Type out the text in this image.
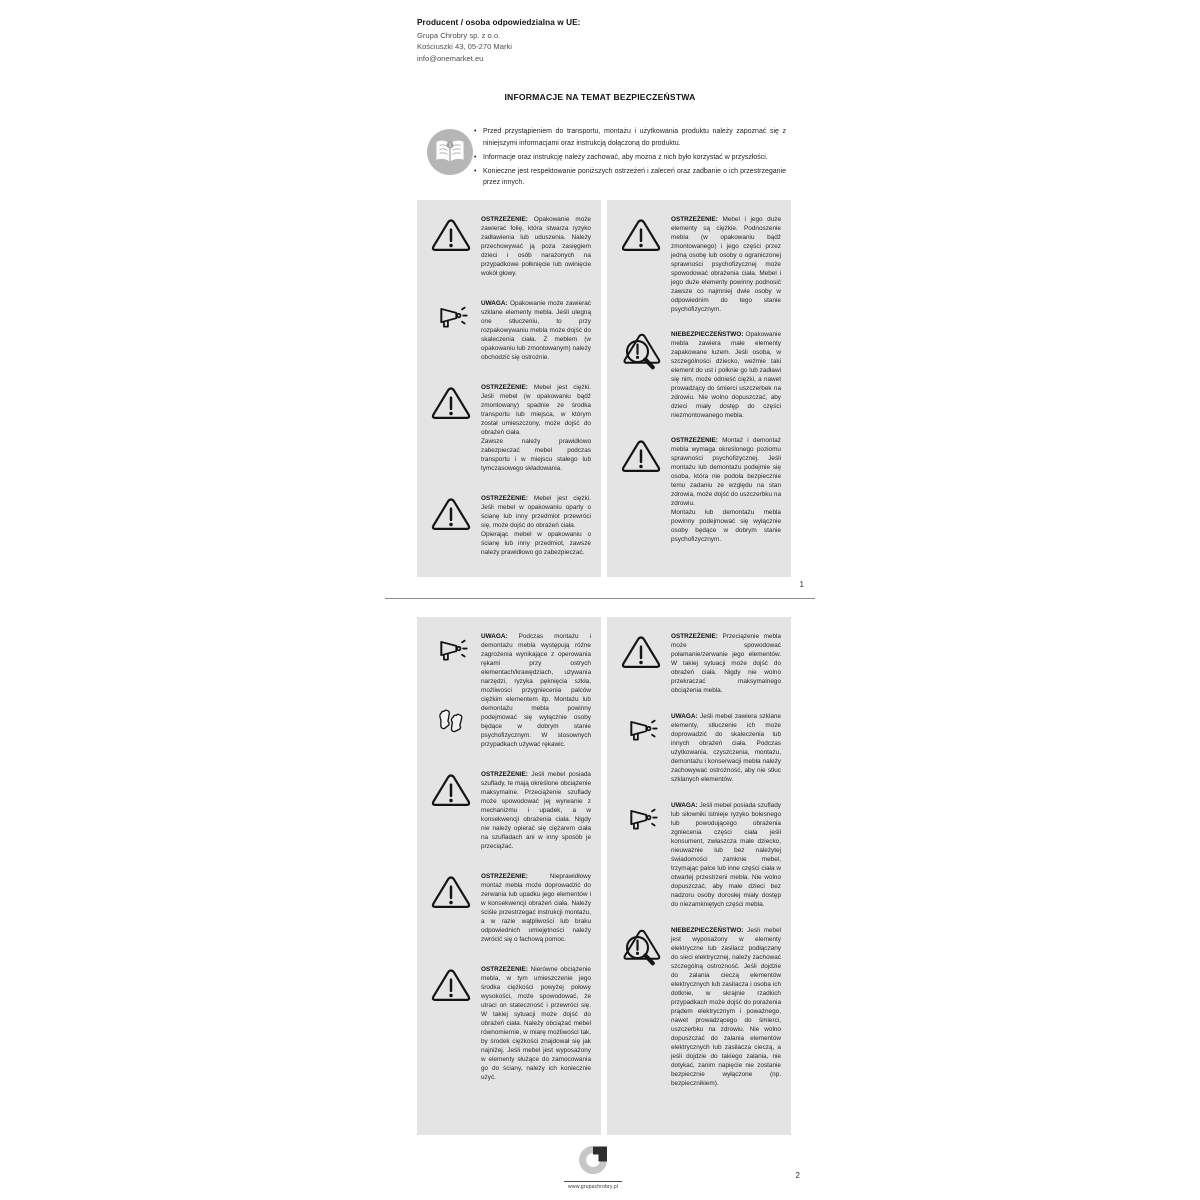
Producent / osoba odpowiedzialna w UE:
Grupa Chrobry sp. z o.o.
Kościuszki 43, 05-270 Marki
info@onemarket.eu
INFORMACJE NA TEMAT BEZPIECZEŃSTWA
• Przed przystąpieniem do transportu, montażu i użytkowania produktu należy zapoznać się z niniejszymi informacjami oraz instrukcją dołączoną do produktu.
• Informacje oraz instrukcję należy zachować, aby można z nich było korzystać w przyszłości.
• Konieczne jest respektowanie poniższych ostrzeżeń i zaleceń oraz zadbanie o ich przestrzeganie przez innych.
OSTRZEŻENIE: Opakowanie może zawierać folię, która stwarza ryzyko zadławienia lub uduszenia. Należy przechowywać ją poza zasięgiem dzieci i osób narażonych na przypadkowe połknięcie lub owinięcie wokół głowy.
UWAGA: Opakowanie może zawierać szklane elementy mebla. Jeśli ulegną one stłuczeniu, to przy rozpakowywaniu mebla może dojść do skaleczenia ciała. Z meblem (w opakowaniu lub zmontowanym) należy obchodzić się ostrożnie.
OSTRZEŻENIE: Mebel jest ciężki. Jeśli mebel (w opakowaniu bądź zmontowany) spadnie ze środka transportu lub miejsca, w którym został umieszczony, może dojść do obrażeń ciała.
Zawsze należy prawidłowo zabezpieczać mebel podczas transportu i w miejscu stałego lub tymczasowego składowania.
OSTRZEŻENIE: Mebel jest ciężki. Jeśli mebel w opakowaniu oparty o ścianę lub inny przedmiot przewróci się, może dojść do obrażeń ciała.
Opierając mebel w opakowaniu o ścianę lub inny przedmiot, zawsze należy prawidłowo go zabezpieczać.
OSTRZEŻENIE: Mebel i jego duże elementy są ciężkie. Podnoszenie mebla (w opakowaniu bądź zmontowanego) i jego części przez jedną osobę lub osoby o ograniczonej sprawności psychofizycznej może spowodować obrażenia ciała. Mebel i jego duże elementy powinny podnosić zawsze co najmniej dwie osoby w odpowiednim do tego stanie psychofizycznym.
NIEBEZPIECZEŃSTWO: Opakowanie mebla zawiera małe elementy zapakowane luzem. Jeśli osoba, w szczególności dziecko, weźmie taki element do ust i połknie go lub zadławi się nim, może odnieść ciężki, a nawet prowadzący do śmierci uszczerbek na zdrowiu. Nie wolno dopuszczać, aby dzieci miały dostęp do części niezmontowanego mebla.
OSTRZEŻENIE: Montaż i demontaż mebla wymaga określonego poziomu sprawności psychofizycznej. Jeśli montażu lub demontażu podejmie się osoba, która nie podoła bezpiecznie temu zadaniu ze względu na stan zdrowia, może dojść do uszczerbku na zdrowiu.
Montażu lub demontażu mebla powinny podejmować się wyłącznie osoby będące w dobrym stanie psychofizycznym.
1
UWAGA: Podczas montażu i demontażu mebla występują różne zagrożenia wynikające z operowania rękami przy ostrych elementach/krawędziach, używania narzędzi, ryzyka pęknięcia szkła, możliwości przygniecenia palców ciężkim elementem itp. Montażu lub demontażu mebla powinny podejmować się wyłącznie osoby będące w dobrym stanie psychofizycznym. W stosownych przypadkach używać rękawic.
OSTRZEŻENIE: Jeśli mebel posiada szuflady, te mają określone obciążenie maksymalne. Przeciążenie szuflady może spowodować jej wyrwanie z mechanizmu i upadek, a w konsekwencji obrażenia ciała. Nigdy nie należy opierać się ciężarem ciała na szufladach ani w inny sposób je przeciążać.
OSTRZEŻENIE: Nieprawidłowy montaż mebla może doprowadzić do zerwania lub upadku jego elementów i w konsekwencji obrażeń ciała. Należy ściśle przestrzegać instrukcji montażu, a w razie wątpliwości lub braku odpowiednich umiejętności należy zwrócić się o fachową pomoc.
OSTRZEŻENIE: Nierówne obciążenie mebla, w tym umieszczenie jego środka ciężkości powyżej połowy wysokości, może spowodować, że utraci on stateczność i przewróci się. W takiej sytuacji może dojść do obrażeń ciała. Należy obciążać mebel równomiernie, w miarę możliwości tak, by środek ciężkości znajdował się jak najniżej. Jeśli mebel jest wyposażony w elementy służące do zamocowania go do ściany, należy ich koniecznie użyć.
OSTRZEŻENIE: Przeciążenie mebla może spowodować połamanie/zerwanie jego elementów. W takiej sytuacji może dojść do obrażeń ciała. Nigdy nie wolno przekraczać maksymalnego obciążenia mebla.
UWAGA: Jeśli mebel zawiera szklane elementy, stłuczenie ich może doprowadzić do skaleczenia lub innych obrażeń ciała. Podczas użytkowania, czyszczenia, montażu, demontażu i konserwacji mebla należy zachowywać ostrożność, aby nie stłuc szklanych elementów.
UWAGA: Jeśli mebel posiada szuflady lub siłowniki istnieje ryzyko bolesnego lub powodującego obrażenia zgniecenia części ciała jeśli konsument, zwłaszcza małe dziecko, nieuważnie lub bez należytej świadomości zamknie mebel, trzymając palce lub inne części ciała w otwartej przestrzeni mebla. Nie wolno dopuszczać, aby małe dzieci bez nadzoru osoby dorosłej miały dostęp do niezamkniętych części mebla.
NIEBEZPIECZEŃSTWO: Jeśli mebel jest wyposażony w elementy elektryczne lub zasilacz podłączany do sieci elektrycznej, należy zachować szczególną ostrożność. Jeśli dojdzie do zalania cieczą elementów elektrycznych lub zasilacza i osoba ich dotknie, w skrajnie rzadkich przypadkach może dojść do porażenia prądem elektrycznym i poważnego, nawet prowadzącego do śmierci, uszczerbku na zdrowiu. Nie wolno dopuszczać do zalania elementów elektrycznych lub zasilacza cieczą, a jeśli dojdzie do takiego zalania, nie dotykać, zanim napięcie nie zostanie bezpiecznie wyłączone (np. bezpiecznikiem).
www.grupachrobry.pl
2
